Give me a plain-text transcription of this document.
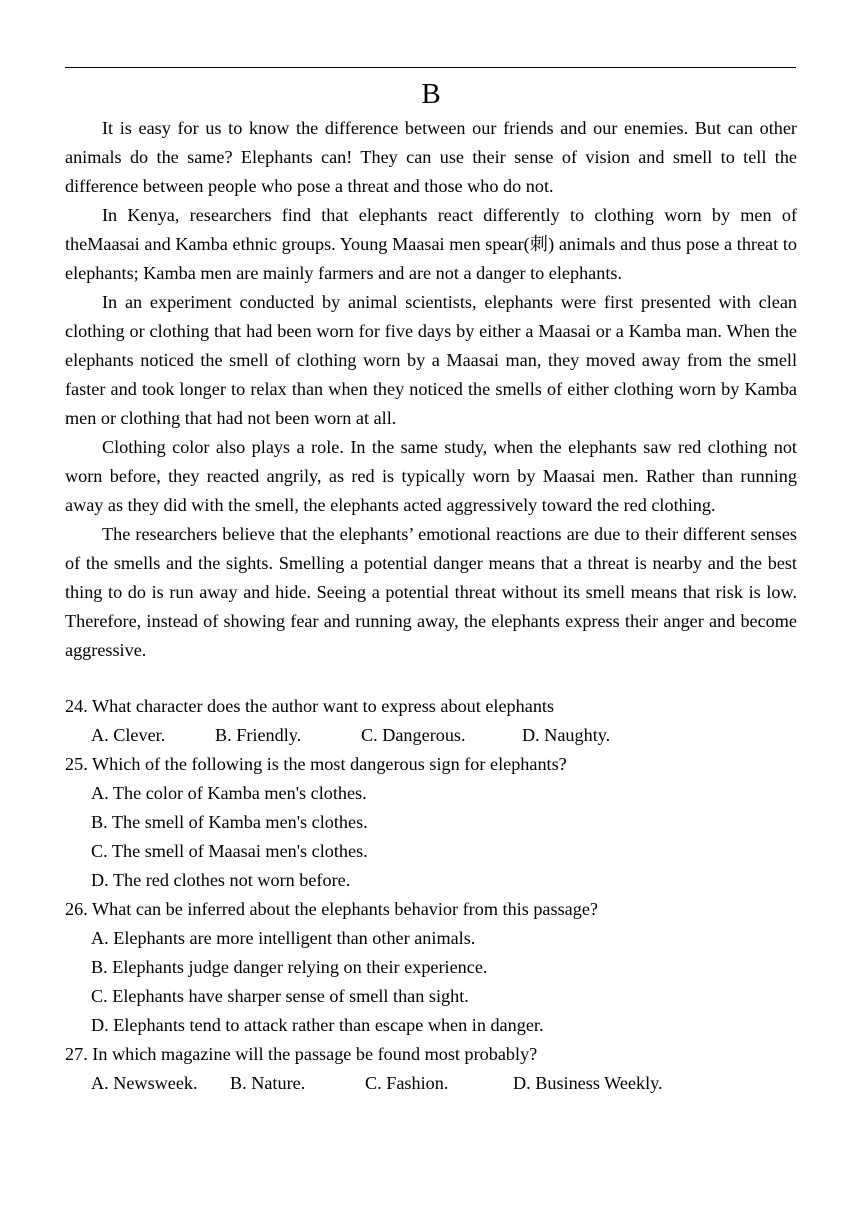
B

It is easy for us to know the difference between our friends and our enemies. But can other animals do the same? Elephants can! They can use their sense of vision and smell to tell the difference between people who pose a threat and those who do not.

In Kenya, researchers find that elephants react differently to clothing worn by men of theMaasai and Kamba ethnic groups. Young Maasai men spear(刺) animals and thus pose a threat to elephants; Kamba men are mainly farmers and are not a danger to elephants.

In an experiment conducted by animal scientists, elephants were first presented with clean clothing or clothing that had been worn for five days by either a Maasai or a Kamba man. When the elephants noticed the smell of clothing worn by a Maasai man, they moved away from the smell faster and took longer to relax than when they noticed the smells of either clothing worn by Kamba men or clothing that had not been worn at all.

Clothing color also plays a role. In the same study, when the elephants saw red clothing not worn before, they reacted angrily, as red is typically worn by Maasai men. Rather than running away as they did with the smell, the elephants acted aggressively toward the red clothing.

The researchers believe that the elephants’ emotional reactions are due to their different senses of the smells and the sights. Smelling a potential danger means that a threat is nearby and the best thing to do is run away and hide. Seeing a potential threat without its smell means that risk is low. Therefore, instead of showing fear and running away, the elephants express their anger and become aggressive.

24. What character does the author want to express about elephants
A. Clever.	B. Friendly.	C. Dangerous.	D. Naughty.
25. Which of the following is the most dangerous sign for elephants?
A. The color of Kamba men's clothes.
B. The smell of Kamba men's clothes.
C. The smell of Maasai men's clothes.
D. The red clothes not worn before.
26. What can be inferred about the elephants behavior from this passage?
A. Elephants are more intelligent than other animals.
B. Elephants judge danger relying on their experience.
C. Elephants have sharper sense of smell than sight.
D. Elephants tend to attack rather than escape when in danger.
27. In which magazine will the passage be found most probably?
A. Newsweek.	B. Nature.	C. Fashion.	D. Business Weekly.
